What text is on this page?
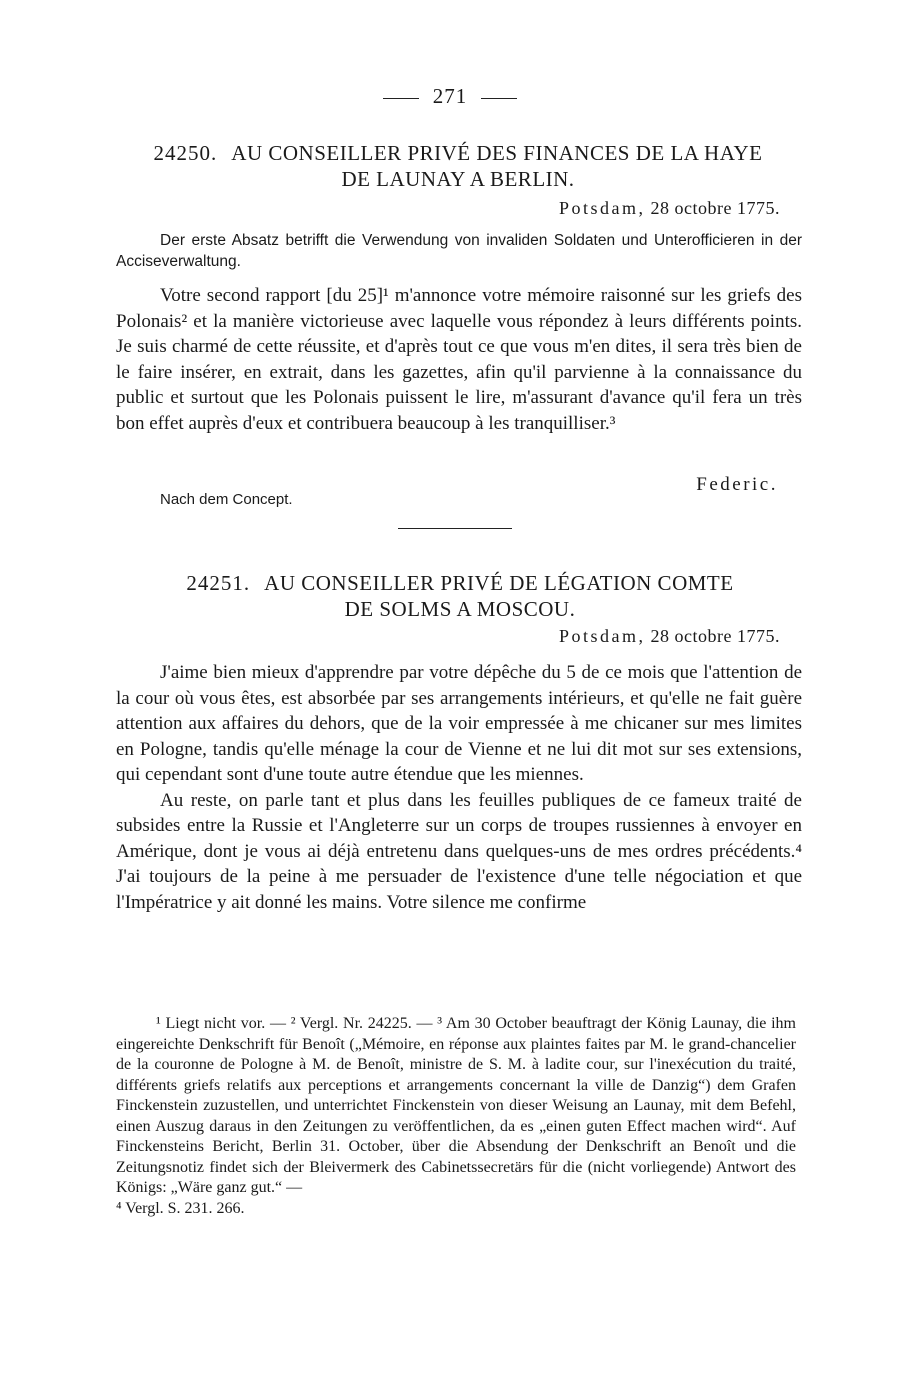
271
24250. AU CONSEILLER PRIVÉ DES FINANCES DE LA HAYE
DE LAUNAY A BERLIN.
Potsdam, 28 octobre 1775.
Der erste Absatz betrifft die Verwendung von invaliden Soldaten und Unterofficieren in der Acciseverwaltung.

Votre second rapport [du 25]¹ m'annonce votre mémoire raisonné sur les griefs des Polonais² et la manière victorieuse avec laquelle vous répondez à leurs différents points. Je suis charmé de cette réussite, et d'après tout ce que vous m'en dites, il sera très bien de le faire insérer, en extrait, dans les gazettes, afin qu'il parvienne à la connaissance du public et surtout que les Polonais puissent le lire, m'assurant d'avance qu'il fera un très bon effet auprès d'eux et contribuera beaucoup à les tranquilliser.³

Federic.
Nach dem Concept.
24251. AU CONSEILLER PRIVÉ DE LÉGATION COMTE
DE SOLMS A MOSCOU.
Potsdam, 28 octobre 1775.

J'aime bien mieux d'apprendre par votre dépêche du 5 de ce mois que l'attention de la cour où vous êtes, est absorbée par ses arrangements intérieurs, et qu'elle ne fait guère attention aux affaires du dehors, que de la voir empressée à me chicaner sur mes limites en Pologne, tandis qu'elle ménage la cour de Vienne et ne lui dit mot sur ses extensions, qui cependant sont d'une toute autre étendue que les miennes.

Au reste, on parle tant et plus dans les feuilles publiques de ce fameux traité de subsides entre la Russie et l'Angleterre sur un corps de troupes russiennes à envoyer en Amérique, dont je vous ai déjà entretenu dans quelques-uns de mes ordres précédents.⁴ J'ai toujours de la peine à me persuader de l'existence d'une telle négociation et que l'Impératrice y ait donné les mains. Votre silence me confirme

¹ Liegt nicht vor. — ² Vergl. Nr. 24225. — ³ Am 30 October beauftragt der König Launay, die ihm eingereichte Denkschrift für Benoît („Mémoire, en réponse aux plaintes faites par M. le grand-chancelier de la couronne de Pologne à M. de Benoît, ministre de S. M. à ladite cour, sur l'inexécution du traité, différents griefs relatifs aux perceptions et arrangements concernant la ville de Danzig“) dem Grafen Finckenstein zuzustellen, und unterrichtet Finckenstein von dieser Weisung an Launay, mit dem Befehl, einen Auszug daraus in den Zeitungen zu veröffentlichen, da es „einen guten Effect machen wird“. Auf Finckensteins Bericht, Berlin 31. October, über die Absendung der Denkschrift an Benoît und die Zeitungsnotiz findet sich der Bleivermerk des Cabinetssecretärs für die (nicht vorliegende) Antwort des Königs: „Wäre ganz gut.“ —

⁴ Vergl. S. 231. 266.
